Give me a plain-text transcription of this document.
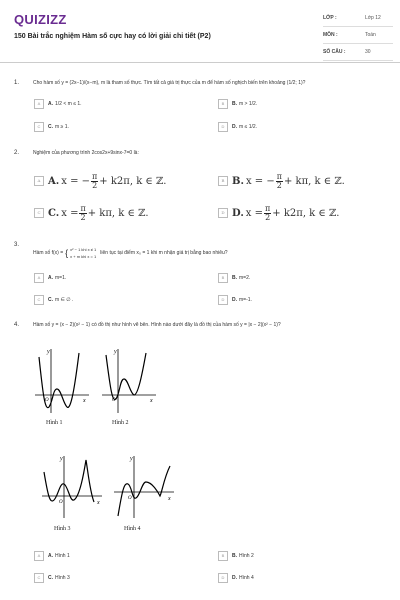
QUIZIZZ
150 Bài trắc nghiệm Hàm số cực hay có lời giải chi tiết (P2)
LỚP :	Lớp 12
MÔN :	Toán
SỐ CÂU :	30
1.	Cho hàm số y = (2x−1)/(x−m), m là tham số thực. Tìm tất cả giá trị thực của m để hàm số nghịch biến trên khoảng (1/2; 1)?
A	A. 1/2 < m ≤ 1.	B	B. m > 1/2.
C	C. m ≥ 1.	D	D. m ≤ 1/2.
2.	Nghiệm của phương trình 2cos2x+9sinx-7=0 là:
A A. x = − $\frac{\pi}{2} + k2\pi$, k ∈ ℤ.	B B. x = − $\frac{\pi}{2} + k\pi$, k ∈ ℤ.
C C. $x = \frac{\pi}{2} + k\pi$, k ∈ ℤ.	D D. $x = \frac{\pi}{2} + k2\pi$, k ∈ ℤ.
3.
Hàm số f(x) = { x² − 1 khi x ≠ 1
x + m khi x = 1
liên tục tại điểm x₀ = 1 khi m nhận giá trị bằng bao nhiêu?
A	A. m=1.	B	B. m=2.
C	C. m ∈ ∅ .	D	D. m=-1.
4.	Hàm số y = (x − 2)(x² − 1) có đồ thị như hình vẽ bên. Hình nào dưới đây là đồ thị của hàm số y = |x − 2|(x² − 1)?
y
x
O
Hình 1
y
x
O
Hình 2
y
x
O
Hình 3
y
x
O
Hình 4
A	A. Hình 1	B	B. Hình 2
C	C. Hình 3	D	D. Hình 4
